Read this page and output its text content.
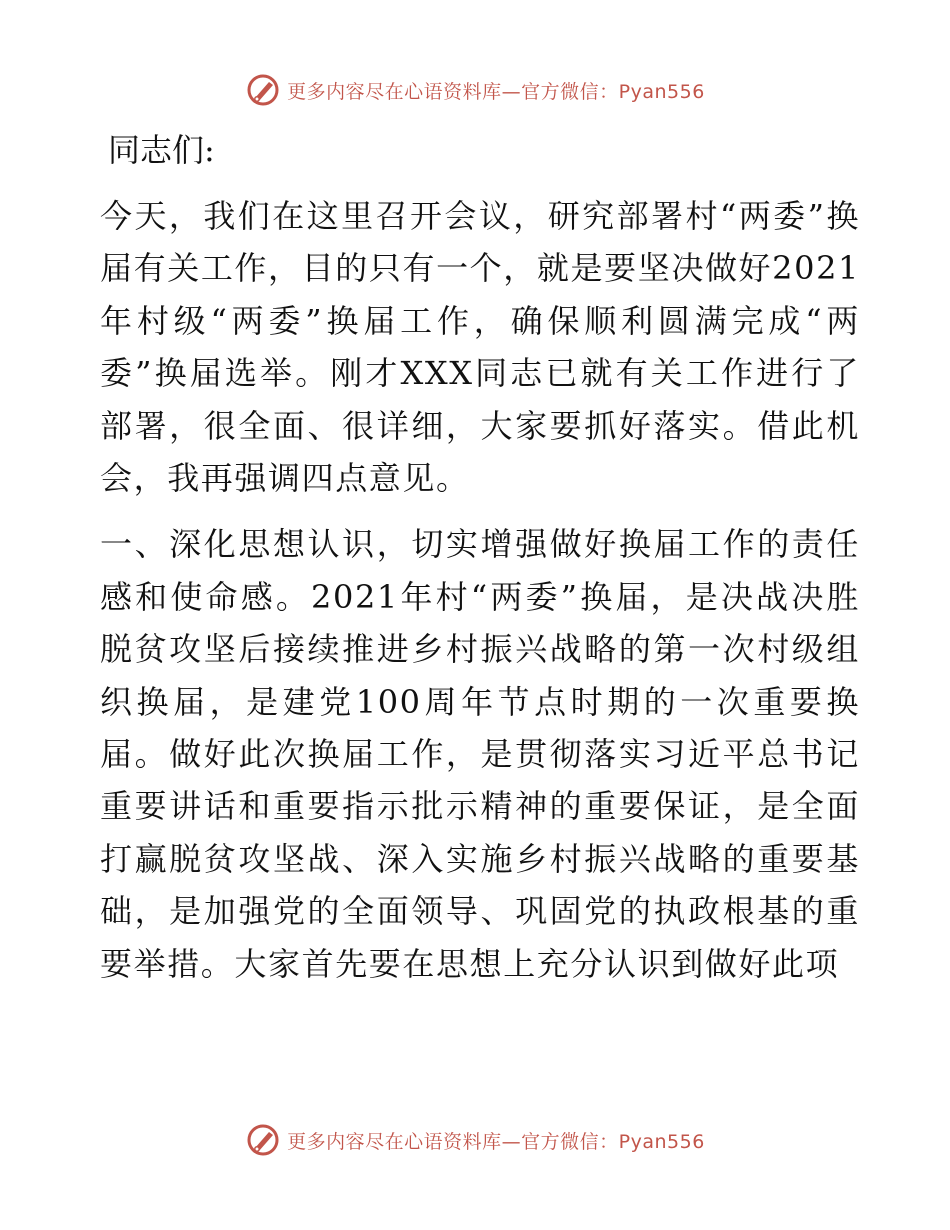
更多内容尽在心语资料库—官方微信：Pyan556

同志们:

今天，我们在这里召开会议，研究部署村“两委”换届有关工作，目的只有一个，就是要坚决做好2021年村级“两委”换届工作，确保顺利圆满完成“两委”换届选举。刚才XXX同志已就有关工作进行了部署，很全面、很详细，大家要抓好落实。借此机会，我再强调四点意见。

一、深化思想认识，切实增强做好换届工作的责任感和使命感。2021年村“两委”换届，是决战决胜脱贫攻坚后接续推进乡村振兴战略的第一次村级组织换届，是建党100周年节点时期的一次重要换届。做好此次换届工作，是贯彻落实习近平总书记重要讲话和重要指示批示精神的重要保证，是全面打赢脱贫攻坚战、深入实施乡村振兴战略的重要基础，是加强党的全面领导、巩固党的执政根基的重要举措。大家首先要在思想上充分认识到做好此项

更多内容尽在心语资料库—官方微信：Pyan556
